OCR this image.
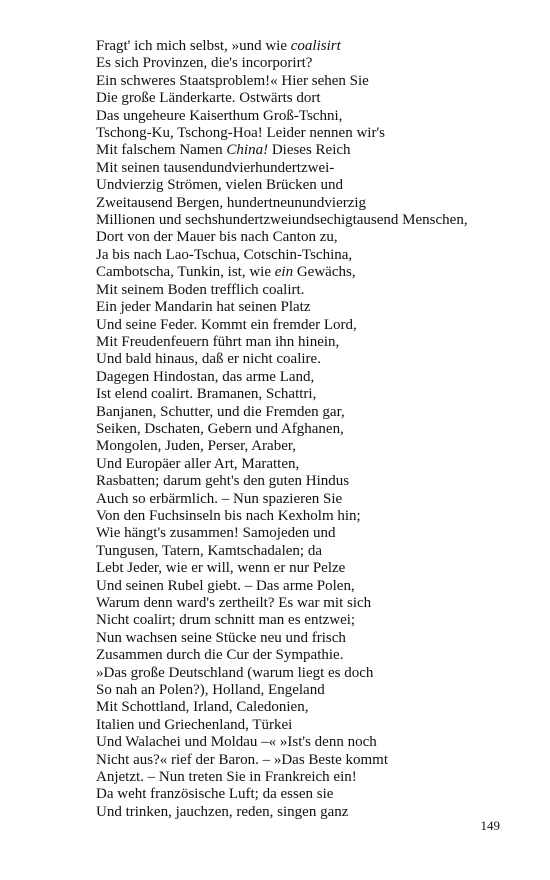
Fragt' ich mich selbst, »und wie coalisirt
Es sich Provinzen, die's incorporirt?
Ein schweres Staatsproblem!« Hier sehen Sie
Die große Länderkarte. Ostwärts dort
Das ungeheure Kaiserthum Groß-Tschni,
Tschong-Ku, Tschong-Hoa! Leider nennen wir's
Mit falschem Namen China! Dieses Reich
Mit seinen tausendundvierhundertzwei-
Undvierzig Strömen, vielen Brücken und
Zweitausend Bergen, hundertneunundvierzig
Millionen und sechshundertzweiundsechigtausend Menschen,
Dort von der Mauer bis nach Canton zu,
Ja bis nach Lao-Tschua, Cotschin-Tschina,
Cambotscha, Tunkin, ist, wie ein Gewächs,
Mit seinem Boden trefflich coalirt.
Ein jeder Mandarin hat seinen Platz
Und seine Feder. Kommt ein fremder Lord,
Mit Freudenfeuern führt man ihn hinein,
Und bald hinaus, daß er nicht coalire.
Dagegen Hindostan, das arme Land,
Ist elend coalirt. Bramanen, Schattri,
Banjanen, Schutter, und die Fremden gar,
Seiken, Dschaten, Gebern und Afghanen,
Mongolen, Juden, Perser, Araber,
Und Europäer aller Art, Maratten,
Rasbatten; darum geht's den guten Hindus
Auch so erbärmlich. – Nun spazieren Sie
Von den Fuchsinseln bis nach Kexholm hin;
Wie hängt's zusammen! Samojeden und
Tungusen, Tatern, Kamtschadalen; da
Lebt Jeder, wie er will, wenn er nur Pelze
Und seinen Rubel giebt. – Das arme Polen,
Warum denn ward's zertheilt? Es war mit sich
Nicht coalirt; drum schnitt man es entzwei;
Nun wachsen seine Stücke neu und frisch
Zusammen durch die Cur der Sympathie.
»Das große Deutschland (warum liegt es doch
So nah an Polen?), Holland, Engeland
Mit Schottland, Irland, Caledonien,
Italien und Griechenland, Türkei
Und Walachei und Moldau –« »Ist's denn noch
Nicht aus?« rief der Baron. – »Das Beste kommt
Anjetzt. – Nun treten Sie in Frankreich ein!
Da weht französische Luft; da essen sie
Und trinken, jauchzen, reden, singen ganz
149
